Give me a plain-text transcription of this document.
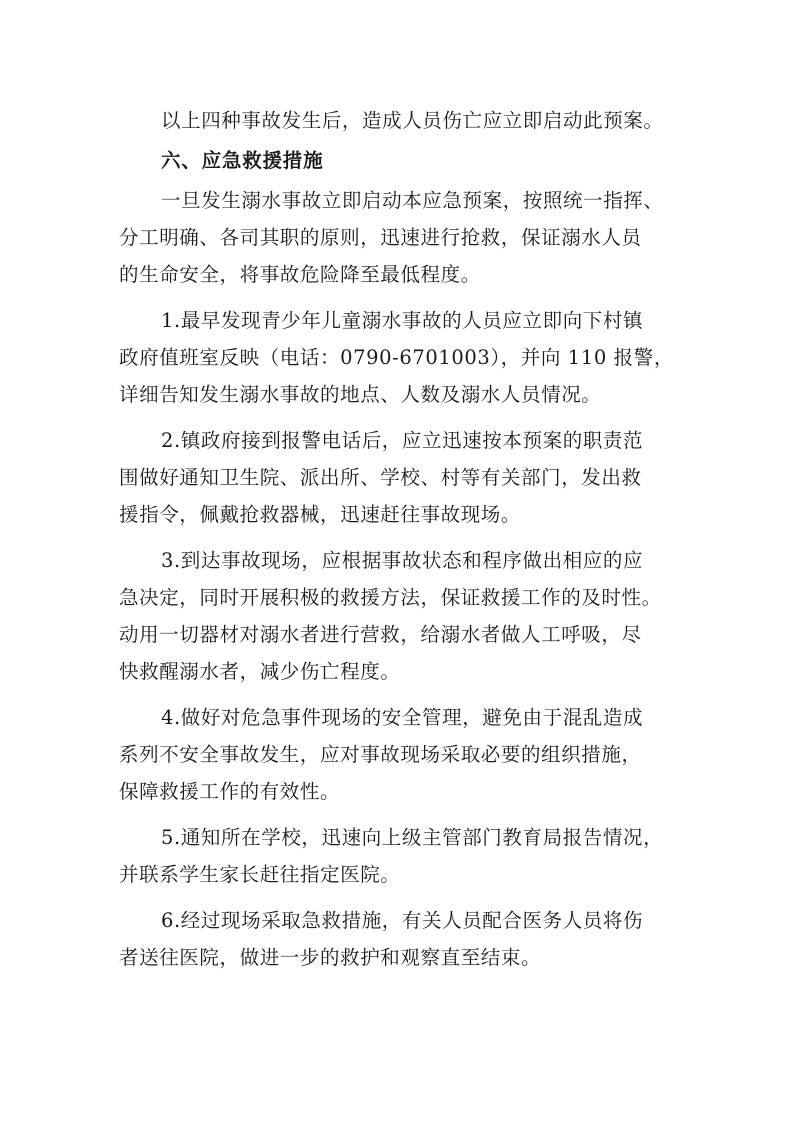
以上四种事故发生后，造成人员伤亡应立即启动此预案。
六、应急救援措施
一旦发生溺水事故立即启动本应急预案，按照统一指挥、
分工明确、各司其职的原则，迅速进行抢救，保证溺水人员
的生命安全，将事故危险降至最低程度。
1.最早发现青少年儿童溺水事故的人员应立即向下村镇
政府值班室反映（电话：0790-6701003），并向 110 报警，
详细告知发生溺水事故的地点、人数及溺水人员情况。
2.镇政府接到报警电话后，应立迅速按本预案的职责范
围做好通知卫生院、派出所、学校、村等有关部门，发出救
援指令，佩戴抢救器械，迅速赶往事故现场。
3.到达事故现场，应根据事故状态和程序做出相应的应
急决定，同时开展积极的救援方法，保证救援工作的及时性。
动用一切器材对溺水者进行营救，给溺水者做人工呼吸，尽
快救醒溺水者，减少伤亡程度。
4.做好对危急事件现场的安全管理，避免由于混乱造成
系列不安全事故发生，应对事故现场采取必要的组织措施，
保障救援工作的有效性。
5.通知所在学校，迅速向上级主管部门教育局报告情况，
并联系学生家长赶往指定医院。
6.经过现场采取急救措施，有关人员配合医务人员将伤
者送往医院，做进一步的救护和观察直至结束。
